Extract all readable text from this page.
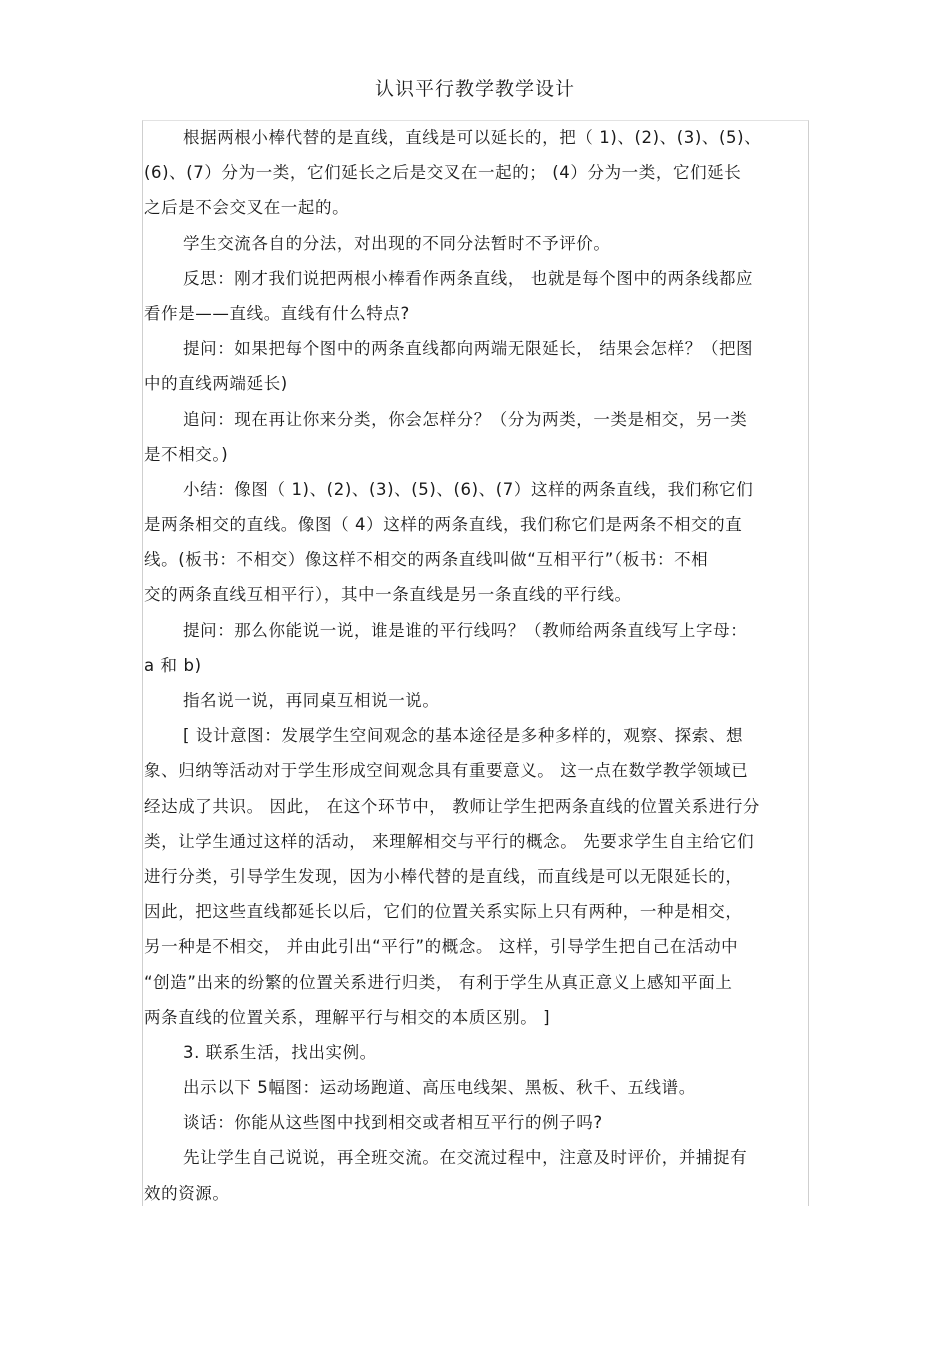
认识平行教学教学设计
根据两根小棒代替的是直线，直线是可以延长的，把（ 1)、(2)、(3)、(5)、
(6)、(7）分为一类，它们延长之后是交叉在一起的； (4）分为一类，它们延长
之后是不会交叉在一起的。
学生交流各自的分法，对出现的不同分法暂时不予评价。
反思：刚才我们说把两根小棒看作两条直线， 也就是每个图中的两条线都应
看作是——直线。直线有什么特点?
提问：如果把每个图中的两条直线都向两端无限延长， 结果会怎样？（把图
中的直线两端延长)
追问：现在再让你来分类，你会怎样分？（分为两类，一类是相交，另一类
是不相交。)
小结：像图（ 1)、(2)、(3)、(5)、(6)、(7）这样的两条直线，我们称它们
是两条相交的直线。像图（ 4）这样的两条直线，我们称它们是两条不相交的直
线。(板书：不相交）像这样不相交的两条直线叫做“互相平行”（板书：不相
交的两条直线互相平行），其中一条直线是另一条直线的平行线。
提问：那么你能说一说，谁是谁的平行线吗？（教师给两条直线写上字母：
a 和 b)
指名说一说，再同桌互相说一说。
[ 设计意图：发展学生空间观念的基本途径是多种多样的，观察、探索、想
象、归纳等活动对于学生形成空间观念具有重要意义。 这一点在数学教学领域已
经达成了共识。 因此， 在这个环节中， 教师让学生把两条直线的位置关系进行分
类，让学生通过这样的活动， 来理解相交与平行的概念。 先要求学生自主给它们
进行分类，引导学生发现，因为小棒代替的是直线，而直线是可以无限延长的，
因此，把这些直线都延长以后，它们的位置关系实际上只有两种，一种是相交，
另一种是不相交， 并由此引出“平行”的概念。 这样，引导学生把自己在活动中
“创造”出来的纷繁的位置关系进行归类， 有利于学生从真正意义上感知平面上
两条直线的位置关系，理解平行与相交的本质区别。 ]
3. 联系生活，找出实例。
出示以下 5幅图：运动场跑道、高压电线架、黑板、秋千、五线谱。
谈话：你能从这些图中找到相交或者相互平行的例子吗?
先让学生自己说说，再全班交流。在交流过程中，注意及时评价，并捕捉有
效的资源。
